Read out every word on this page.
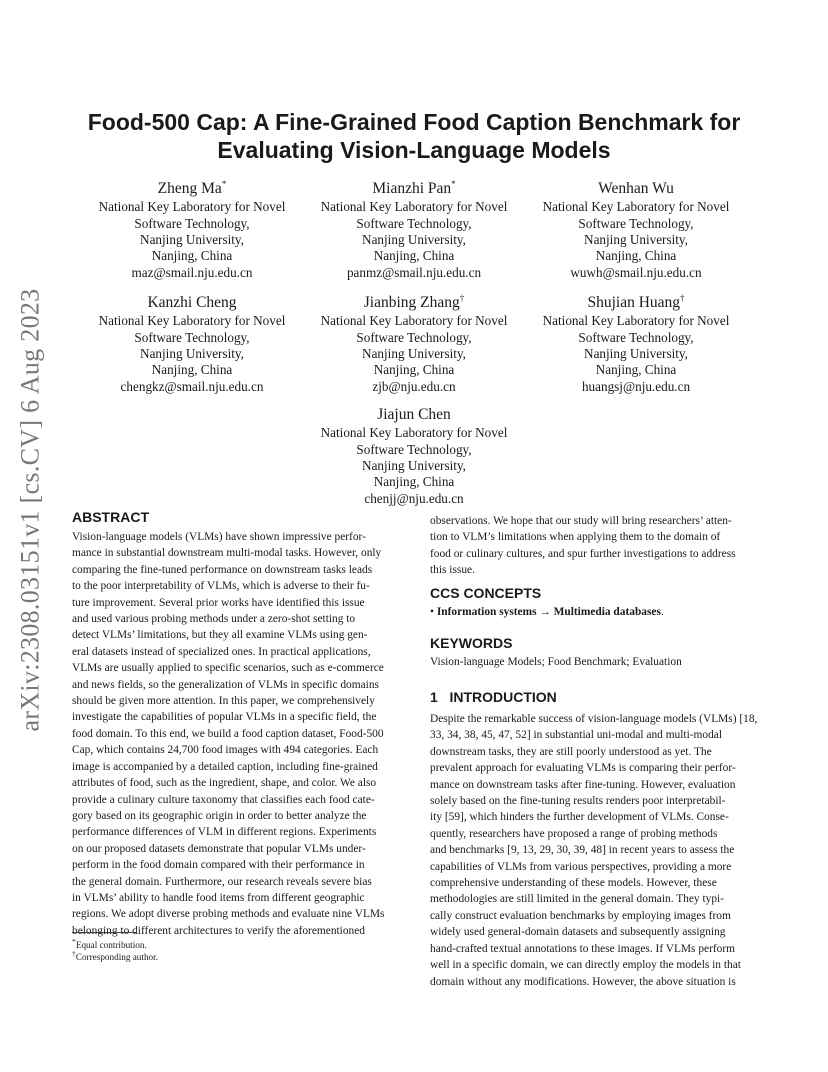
arXiv:2308.03151v1 [cs.CV] 6 Aug 2023
Food-500 Cap: A Fine-Grained Food Caption Benchmark for
Evaluating Vision-Language Models
Zheng Ma*
National Key Laboratory for Novel
Software Technology,
Nanjing University,
Nanjing, China
maz@smail.nju.edu.cn
Mianzhi Pan*
National Key Laboratory for Novel
Software Technology,
Nanjing University,
Nanjing, China
panmz@smail.nju.edu.cn
Wenhan Wu
National Key Laboratory for Novel
Software Technology,
Nanjing University,
Nanjing, China
wuwh@smail.nju.edu.cn
Kanzhi Cheng
National Key Laboratory for Novel
Software Technology,
Nanjing University,
Nanjing, China
chengkz@smail.nju.edu.cn
Jianbing Zhang†
National Key Laboratory for Novel
Software Technology,
Nanjing University,
Nanjing, China
zjb@nju.edu.cn
Shujian Huang†
National Key Laboratory for Novel
Software Technology,
Nanjing University,
Nanjing, China
huangsj@nju.edu.cn
Jiajun Chen
National Key Laboratory for Novel
Software Technology,
Nanjing University,
Nanjing, China
chenjj@nju.edu.cn
ABSTRACT
Vision-language models (VLMs) have shown impressive perfor-
mance in substantial downstream multi-modal tasks. However, only
comparing the fine-tuned performance on downstream tasks leads
to the poor interpretability of VLMs, which is adverse to their fu-
ture improvement. Several prior works have identified this issue
and used various probing methods under a zero-shot setting to
detect VLMs’ limitations, but they all examine VLMs using gen-
eral datasets instead of specialized ones. In practical applications,
VLMs are usually applied to specific scenarios, such as e-commerce
and news fields, so the generalization of VLMs in specific domains
should be given more attention. In this paper, we comprehensively
investigate the capabilities of popular VLMs in a specific field, the
food domain. To this end, we build a food caption dataset, Food-500
Cap, which contains 24,700 food images with 494 categories. Each
image is accompanied by a detailed caption, including fine-grained
attributes of food, such as the ingredient, shape, and color. We also
provide a culinary culture taxonomy that classifies each food cate-
gory based on its geographic origin in order to better analyze the
performance differences of VLM in different regions. Experiments
on our proposed datasets demonstrate that popular VLMs under-
perform in the food domain compared with their performance in
the general domain. Furthermore, our research reveals severe bias
in VLMs’ ability to handle food items from different geographic
regions. We adopt diverse probing methods and evaluate nine VLMs
belonging to different architectures to verify the aforementioned
*Equal contribution.
†Corresponding author.
observations. We hope that our study will bring researchers’ atten-
tion to VLM’s limitations when applying them to the domain of
food or culinary cultures, and spur further investigations to address
this issue.
CCS CONCEPTS
• Information systems → Multimedia databases.
KEYWORDS
Vision-language Models; Food Benchmark; Evaluation
1 INTRODUCTION
Despite the remarkable success of vision-language models (VLMs) [18,
33, 34, 38, 45, 47, 52] in substantial uni-modal and multi-modal
downstream tasks, they are still poorly understood as yet. The
prevalent approach for evaluating VLMs is comparing their perfor-
mance on downstream tasks after fine-tuning. However, evaluation
solely based on the fine-tuning results renders poor interpretabil-
ity [59], which hinders the further development of VLMs. Conse-
quently, researchers have proposed a range of probing methods
and benchmarks [9, 13, 29, 30, 39, 48] in recent years to assess the
capabilities of VLMs from various perspectives, providing a more
comprehensive understanding of these models. However, these
methodologies are still limited in the general domain. They typi-
cally construct evaluation benchmarks by employing images from
widely used general-domain datasets and subsequently assigning
hand-crafted textual annotations to these images. If VLMs perform
well in a specific domain, we can directly employ the models in that
domain without any modifications. However, the above situation is
